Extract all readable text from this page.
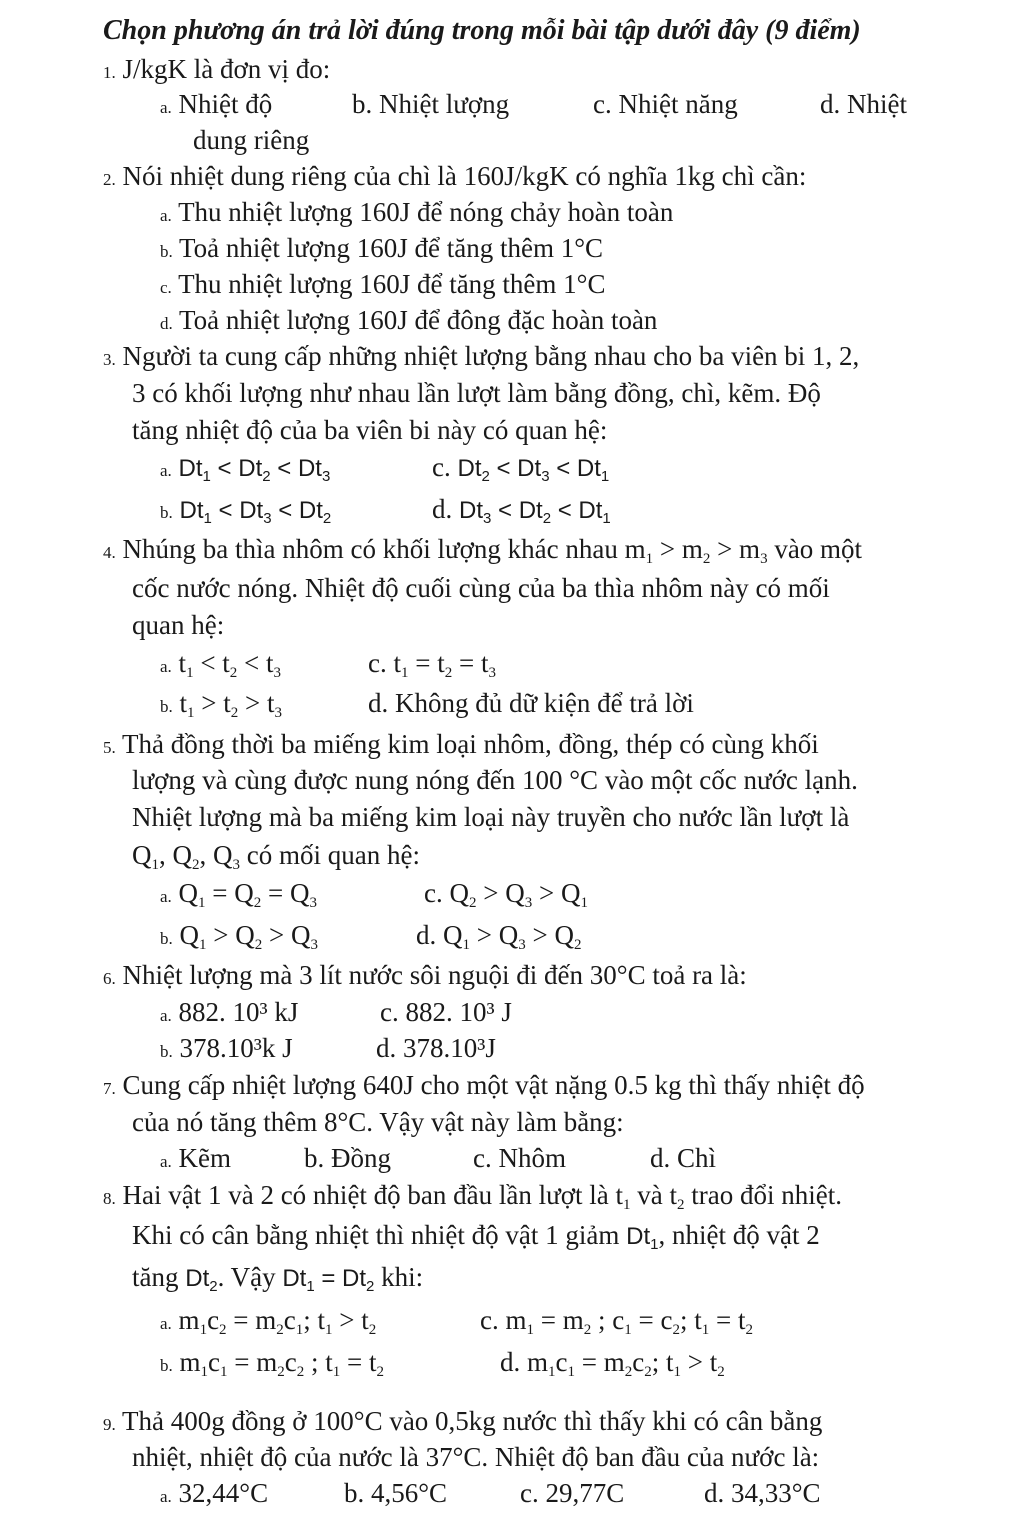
Chọn phương án trả lời đúng trong mỗi bài tập dưới đây (9 điểm)
1. J/kgK là đơn vị đo:
a. Nhiệt độ	b. Nhiệt lượng	c. Nhiệt năng	d. Nhiệt
dung riêng
2. Nói nhiệt dung riêng của chì là 160J/kgK có nghĩa 1kg chì cần:
a. Thu nhiệt lượng 160J để nóng chảy hoàn toàn
b. Toả nhiệt lượng 160J để tăng thêm 1°C
c. Thu nhiệt lượng 160J để tăng thêm 1°C
d. Toả nhiệt lượng 160J để đông đặc hoàn toàn
3. Người ta cung cấp những nhiệt lượng bằng nhau cho ba viên bi 1, 2,
3 có khối lượng như nhau lần lượt làm bằng đồng, chì, kẽm. Độ
tăng nhiệt độ của ba viên bi này có quan hệ:
a. $Dt_1 < Dt_2 < Dt_3$	c. $Dt_2 < Dt_3 < Dt_1$
b. $Dt_1 < Dt_3 < Dt_2$	d. $Dt_3 < Dt_2 < Dt_1$
4. Nhúng ba thìa nhôm có khối lượng khác nhau $m_1 > m_2 > m_3$ vào một
cốc nước nóng. Nhiệt độ cuối cùng của ba thìa nhôm này có mối
quan hệ:
a. $t_1 < t_2 < t_3$	c. $t_1 = t_2 = t_3$
b. $t_1 > t_2 > t_3$	d. Không đủ dữ kiện để trả lời
5. Thả đồng thời ba miếng kim loại nhôm, đồng, thép có cùng khối
lượng và cùng được nung nóng đến 100 °C vào một cốc nước lạnh.
Nhiệt lượng mà ba miếng kim loại này truyền cho nước lần lượt là
$Q_1$, $Q_2$, $Q_3$ có mối quan hệ:
a. $Q_1 = Q_2 = Q_3$	c. $Q_2 > Q_3 > Q_1$
b. $Q_1 > Q_2 > Q_3$	d. $Q_1 > Q_3 > Q_2$
6. Nhiệt lượng mà 3 lít nước sôi nguội đi đến 30°C toả ra là:
a. 882. 10³ kJ	c. 882. 10³ J
b. 378.10³k J	d. 378.10³J
7. Cung cấp nhiệt lượng 640J cho một vật nặng 0.5 kg thì thấy nhiệt độ
của nó tăng thêm 8°C. Vậy vật này làm bằng:
a. Kẽm	b. Đồng	c. Nhôm	d. Chì
8. Hai vật 1 và 2 có nhiệt độ ban đầu lần lượt là $t_1$ và $t_2$ trao đổi nhiệt.
Khi có cân bằng nhiệt thì nhiệt độ vật 1 giảm $Dt_1$, nhiệt độ vật 2
tăng $Dt_2$. Vậy $Dt_1 = Dt_2$ khi:
a. $m_1c_2 = m_2c_1$; $t_1 > t_2$	c. $m_1 = m_2$ ; $c_1 = c_2$; $t_1 = t_2$
b. $m_1c_1 = m_2c_2$ ; $t_1 = t_2$	d. $m_1c_1 = m_2c_2$; $t_1 > t_2$
9. Thả 400g đồng ở 100°C vào 0,5kg nước thì thấy khi có cân bằng
nhiệt, nhiệt độ của nước là 37°C. Nhiệt độ ban đầu của nước là:
a. 32,44°C	b. 4,56°C	c. 29,77C	d. 34,33°C
